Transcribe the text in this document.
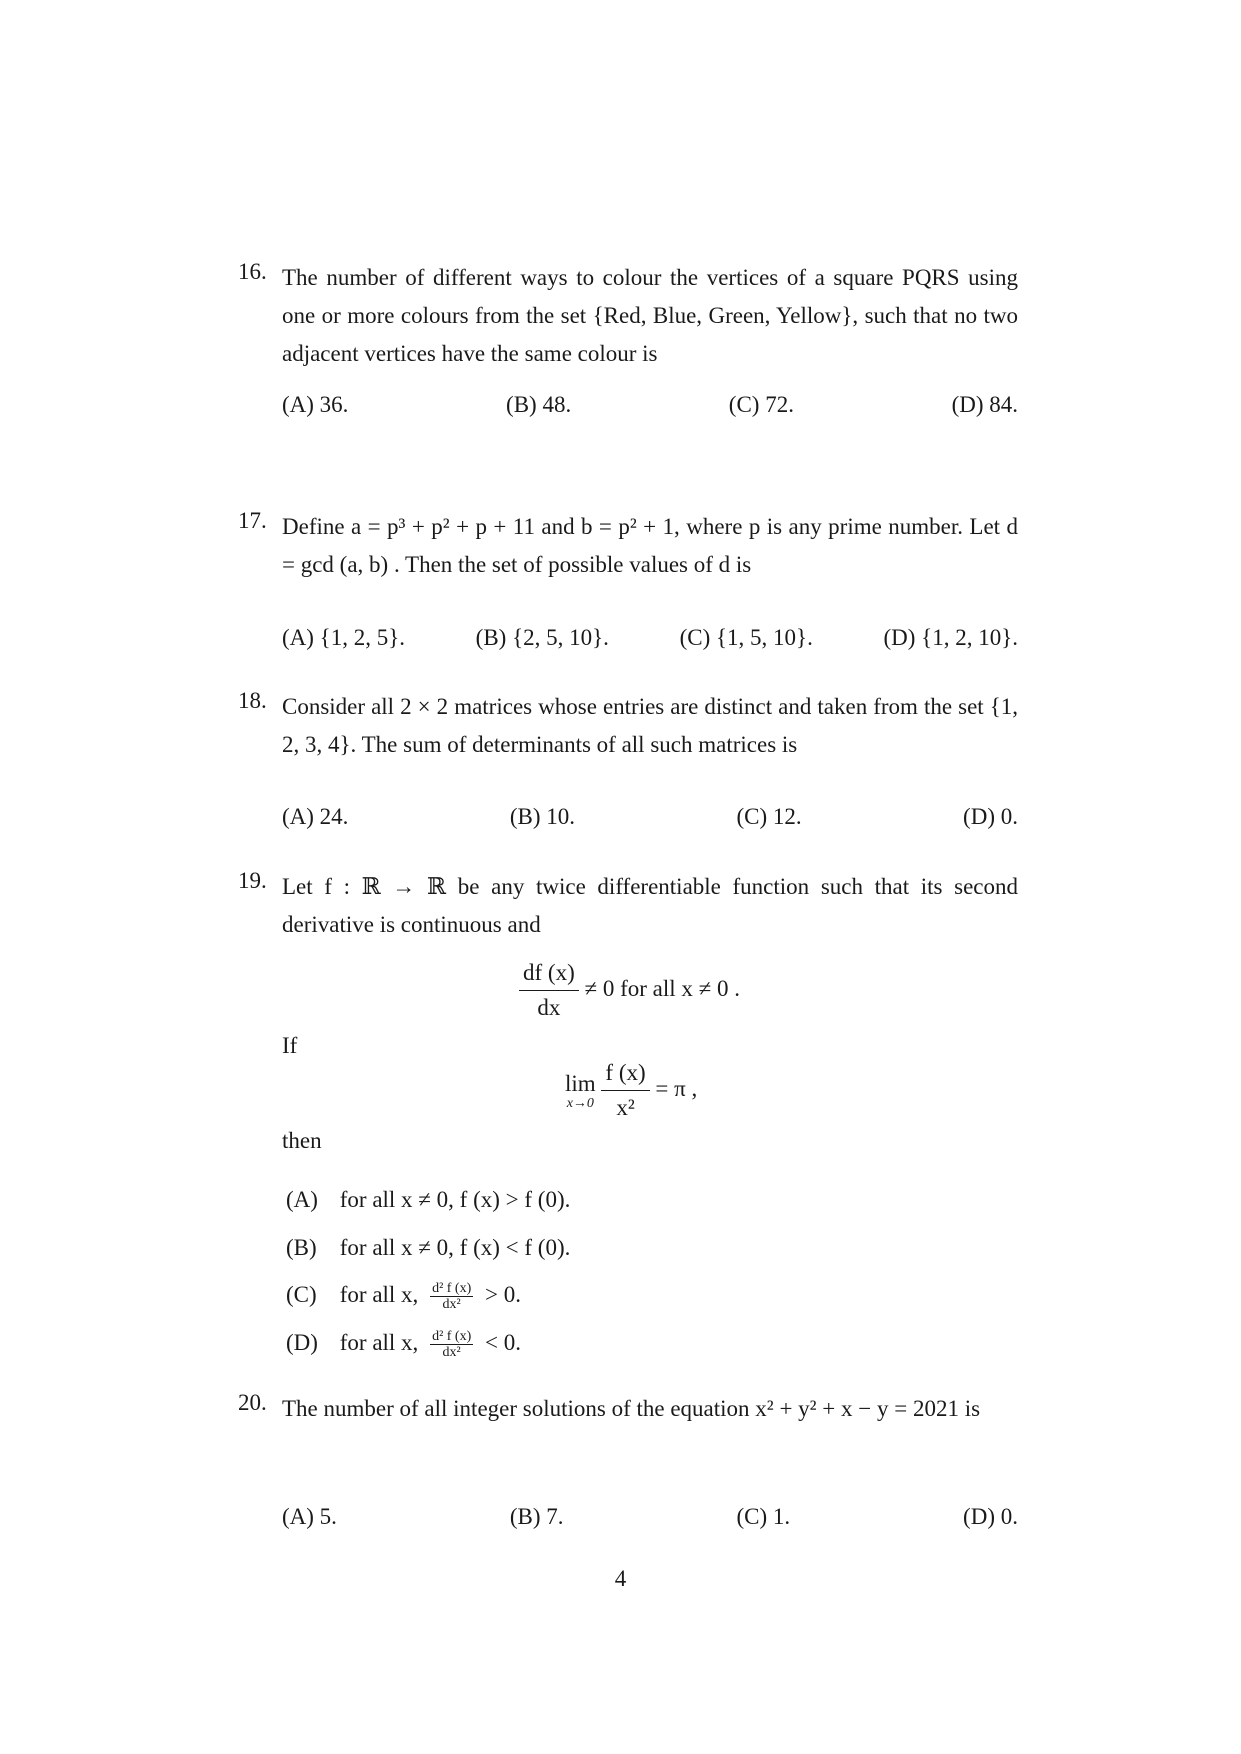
16. The number of different ways to colour the vertices of a square PQRS using one or more colours from the set {Red, Blue, Green, Yellow}, such that no two adjacent vertices have the same colour is
(A) 36.	(B) 48.	(C) 72.	(D) 84.
17. Define a = p³ + p² + p + 11 and b = p² + 1, where p is any prime number. Let d = gcd (a, b) . Then the set of possible values of d is
(A) {1, 2, 5}.	(B) {2, 5, 10}.	(C) {1, 5, 10}.	(D) {1, 2, 10}.
18. Consider all 2 × 2 matrices whose entries are distinct and taken from the set {1, 2, 3, 4}. The sum of determinants of all such matrices is
(A) 24.	(B) 10.	(C) 12.	(D) 0.
19. Let f : ℝ → ℝ be any twice differentiable function such that its second derivative is continuous and
$\frac{df (x)}{dx} \ne 0$ for all x ≠ 0 .
If
lim
x→0
$\frac{f (x)}{\text{x²}} = \pi$ ,
then
(A) for all x ≠ 0, f (x) > f (0).
(B) for all x ≠ 0, f (x) < f (0).
(C) for all x, $\frac{\text{d² f (x)}}{\text{dx²}} > 0$.
(D) for all x, $\frac{\text{d² f (x)}}{\text{dx²}} < 0$.
20. The number of all integer solutions of the equation x² + y² + x − y = 2021 is
(A) 5.	(B) 7.	(C) 1.	(D) 0.
4
